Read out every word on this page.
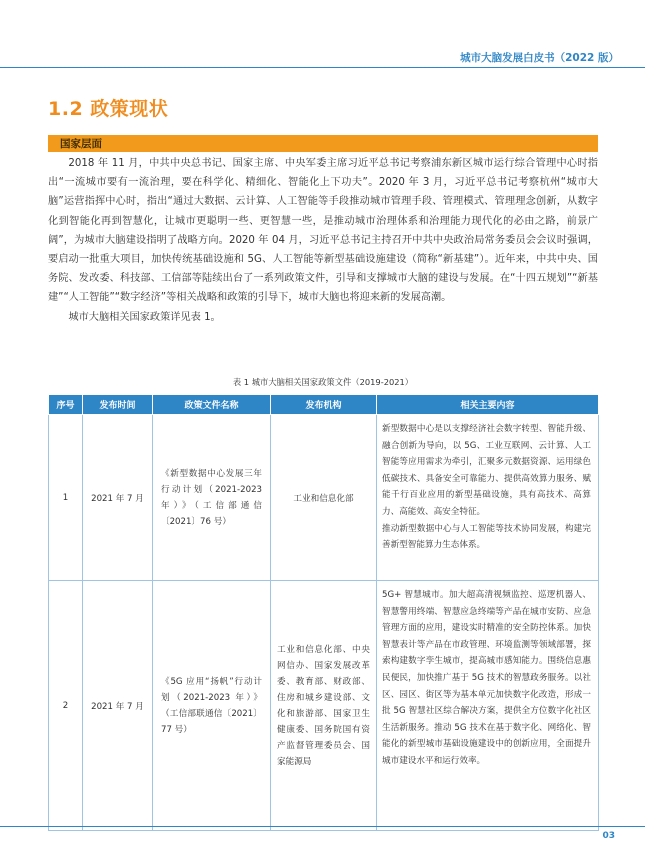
城市大脑发展白皮书（2022 版）
1.2 政策现状
国家层面

2018 年 11 月，中共中央总书记、国家主席、中央军委主席习近平总书记考察浦东新区城市运行综合管理中心时指出“一流城市要有一流治理，要在科学化、精细化、智能化上下功夫”。2020 年 3 月，习近平总书记考察杭州“城市大脑”运营指挥中心时，指出“通过大数据、云计算、人工智能等手段推动城市管理手段、管理模式、管理理念创新，从数字化到智能化再到智慧化，让城市更聪明一些、更智慧一些，是推动城市治理体系和治理能力现代化的必由之路，前景广阔”，为城市大脑建设指明了战略方向。2020 年 04 月，习近平总书记主持召开中共中央政治局常务委员会会议时强调，要启动一批重大项目，加快传统基础设施和 5G、人工智能等新型基础设施建设（简称“新基建”）。近年来，中共中央、国务院、发改委、科技部、工信部等陆续出台了一系列政策文件，引导和支撑城市大脑的建设与发展。在“十四五规划”“新基建”“人工智能”“数字经济”等相关战略和政策的引导下，城市大脑也将迎来新的发展高潮。

城市大脑相关国家政策详见表 1。

表 1 城市大脑相关国家政策文件（2019-2021）
序号	发布时间	政策文件名称	发布机构	相关主要内容
1	2021 年 7 月	《新型数据中心发展三年行动计划（2021-2023 年）》（工信部通信〔2021〕76 号）	工业和信息化部	新型数据中心是以支撑经济社会数字转型、智能升级、融合创新为导向，以 5G、工业互联网、云计算、人工智能等应用需求为牵引，汇聚多元数据资源、运用绿色低碳技术、具备安全可靠能力、提供高效算力服务、赋能千行百业应用的新型基础设施，具有高技术、高算力、高能效、高安全特征。

推动新型数据中心与人工智能等技术协同发展，构建完善新型智能算力生态体系。

2	2021 年 7 月	《5G 应用“扬帆”行动计划（2021-2023 年）》（工信部联通信〔2021〕77 号）	工业和信息化部、中央网信办、国家发展改革委、教育部、财政部、住房和城乡建设部、文化和旅游部、国家卫生健康委、国务院国有资产监督管理委员会、国家能源局	5G+ 智慧城市。加大超高清视频监控、巡逻机器人、智慧警用终端、智慧应急终端等产品在城市安防、应急管理方面的应用，建设实时精准的安全防控体系。加快智慧表计等产品在市政管理、环境监测等领域部署，探索构建数字孪生城市，提高城市感知能力。围绕信息惠民便民，加快推广基于 5G 技术的智慧政务服务。以社区、园区、街区等为基本单元加快数字化改造，形成一批 5G 智慧社区综合解决方案，提供全方位数字化社区生活新服务。推动 5G 技术在基于数字化、网络化、智能化的新型城市基础设施建设中的创新应用，全面提升城市建设水平和运行效率。

03
